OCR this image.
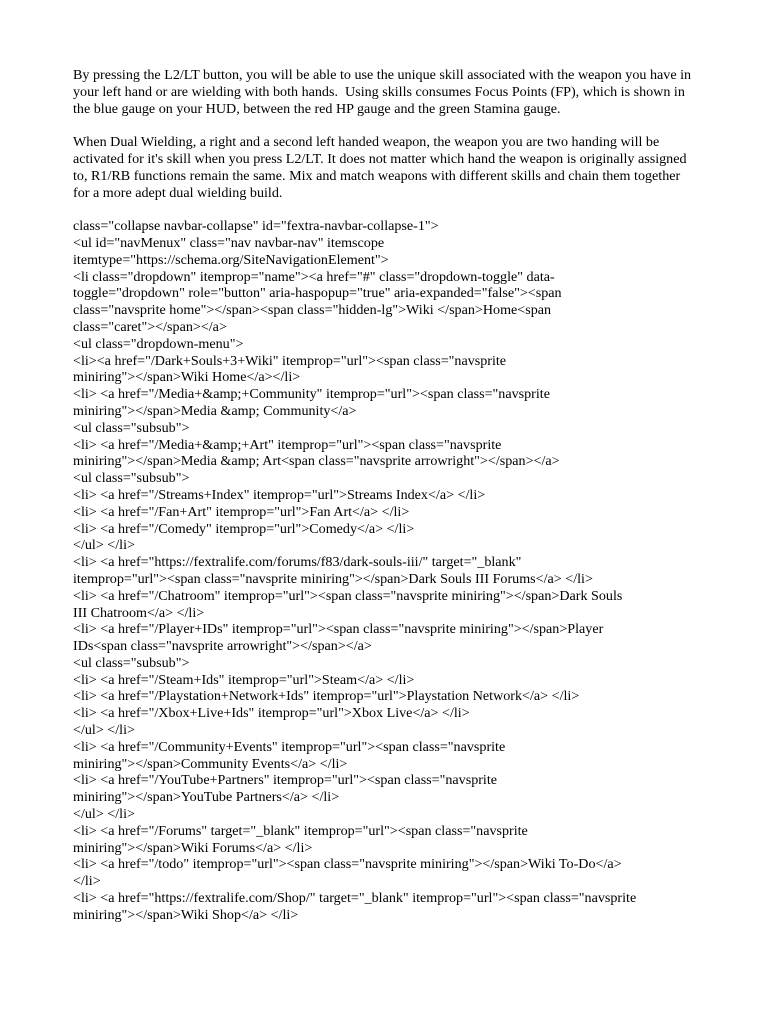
By pressing the L2/LT button, you will be able to use the unique skill associated with the weapon you have in your left hand or are wielding with both hands.  Using skills consumes Focus Points (FP), which is shown in the blue gauge on your HUD, between the red HP gauge and the green Stamina gauge.

When Dual Wielding, a right and a second left handed weapon, the weapon you are two handing will be activated for it's skill when you press L2/LT. It does not matter which hand the weapon is originally assigned to, R1/RB functions remain the same. Mix and match weapons with different skills and chain them together for a more adept dual wielding build.

class="collapse navbar-collapse" id="fextra-navbar-collapse-1">
<ul id="navMenux" class="nav navbar-nav" itemscope
itemtype="https://schema.org/SiteNavigationElement">
<li class="dropdown" itemprop="name"><a href="#" class="dropdown-toggle" data-
toggle="dropdown" role="button" aria-haspopup="true" aria-expanded="false"><span
class="navsprite home"></span><span class="hidden-lg">Wiki </span>Home<span
class="caret"></span></a>
<ul class="dropdown-menu">
<li><a href="/Dark+Souls+3+Wiki" itemprop="url"><span class="navsprite
miniring"></span>Wiki Home</a></li>
<li> <a href="/Media+&amp;+Community" itemprop="url"><span class="navsprite
miniring"></span>Media &amp; Community</a>
<ul class="subsub">
<li> <a href="/Media+&amp;+Art" itemprop="url"><span class="navsprite
miniring"></span>Media &amp; Art<span class="navsprite arrowright"></span></a>
<ul class="subsub">
<li> <a href="/Streams+Index" itemprop="url">Streams Index</a> </li>
<li> <a href="/Fan+Art" itemprop="url">Fan Art</a> </li>
<li> <a href="/Comedy" itemprop="url">Comedy</a> </li>
</ul> </li>
<li> <a href="https://fextralife.com/forums/f83/dark-souls-iii/" target="_blank"
itemprop="url"><span class="navsprite miniring"></span>Dark Souls III Forums</a> </li>
<li> <a href="/Chatroom" itemprop="url"><span class="navsprite miniring"></span>Dark Souls
III Chatroom</a> </li>
<li> <a href="/Player+IDs" itemprop="url"><span class="navsprite miniring"></span>Player
IDs<span class="navsprite arrowright"></span></a>
<ul class="subsub">
<li> <a href="/Steam+Ids" itemprop="url">Steam</a> </li>
<li> <a href="/Playstation+Network+Ids" itemprop="url">Playstation Network</a> </li>
<li> <a href="/Xbox+Live+Ids" itemprop="url">Xbox Live</a> </li>
</ul> </li>
<li> <a href="/Community+Events" itemprop="url"><span class="navsprite
miniring"></span>Community Events</a> </li>
<li> <a href="/YouTube+Partners" itemprop="url"><span class="navsprite
miniring"></span>YouTube Partners</a> </li>
</ul> </li>
<li> <a href="/Forums" target="_blank" itemprop="url"><span class="navsprite
miniring"></span>Wiki Forums</a> </li>
<li> <a href="/todo" itemprop="url"><span class="navsprite miniring"></span>Wiki To-Do</a>
</li>
<li> <a href="https://fextralife.com/Shop/" target="_blank" itemprop="url"><span class="navsprite
miniring"></span>Wiki Shop</a> </li>
